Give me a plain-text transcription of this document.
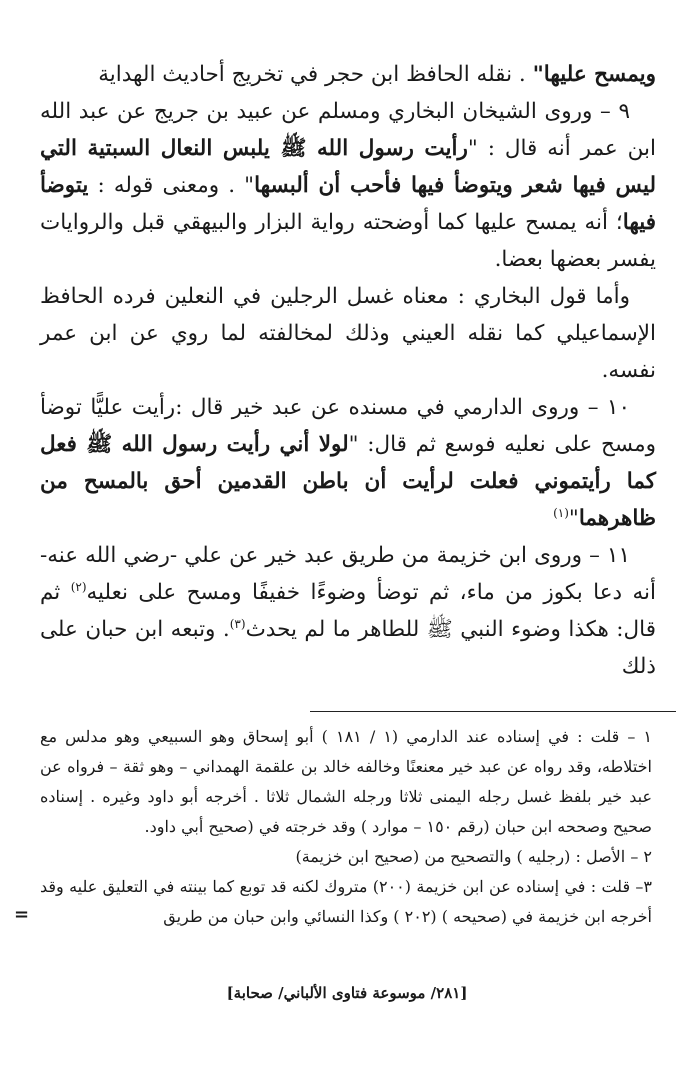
ويمسح عليها" . نقله الحافظ ابن حجر في تخريج أحاديث الهداية

٩ – وروى الشيخان البخاري ومسلم عن عبيد بن جريج عن عبد الله ابن عمر أنه قال : "رأيت رسول الله ﷺ يلبس النعال السبتية التي ليس فيها شعر ويتوضأ فيها فأحب أن ألبسها" . ومعنى قوله : يتوضأ فيها؛ أنه يمسح عليها كما أوضحته رواية البزار والبيهقي قبل والروايات يفسر بعضها بعضا.

وأما قول البخاري : معناه غسل الرجلين في النعلين فرده الحافظ الإسماعيلي كما نقله العيني وذلك لمخالفته لما روي عن ابن عمر نفسه.

١٠ – وروى الدارمي في مسنده عن عبد خير قال :رأيت عليًّا توضأ ومسح على نعليه فوسع ثم قال: "لولا أني رأيت رسول الله ﷺ فعل كما رأيتموني فعلت لرأيت أن باطن القدمين أحق بالمسح من ظاهرهما"$^{(١)}$

١١ – وروى ابن خزيمة من طريق عبد خير عن علي -رضي الله عنه- أنه دعا بكوز من ماء، ثم توضأ وضوءًا خفيفًا ومسح على نعليه$^{(٢)}$ ثم قال: هكذا وضوء النبي ﷺ للطاهر ما لم يحدث$^{(٣)}$. وتبعه ابن حبان على ذلك

١ – قلت : في إسناده عند الدارمي (١ / ١٨١ ) أبو إسحاق وهو السبيعي وهو مدلس مع اختلاطه، وقد رواه عن عبد خير معنعنًا وخالفه خالد بن علقمة الهمداني – وهو ثقة – فرواه عن عبد خير بلفظ غسل رجله اليمنى ثلاثا ورجله الشمال ثلاثا . أخرجه أبو داود وغيره . إسناده صحيح وصححه ابن حبان (رقم ١٥٠ – موارد ) وقد خرجته في (صحيح أبي داود.

٢ – الأصل : (رجليه ) والتصحيح من (صحيح ابن خزيمة)

٣– قلت : في إسناده عن ابن خزيمة (٢٠٠) متروك لكنه قد توبع كما بينته في التعليق عليه وقد أخرجه ابن خزيمة في (صحيحه ) (٢٠٢ ) وكذا النسائي وابن حبان من طريق
=

[٢٨١/ موسوعة فتاوى الألباني/ صحابة]
